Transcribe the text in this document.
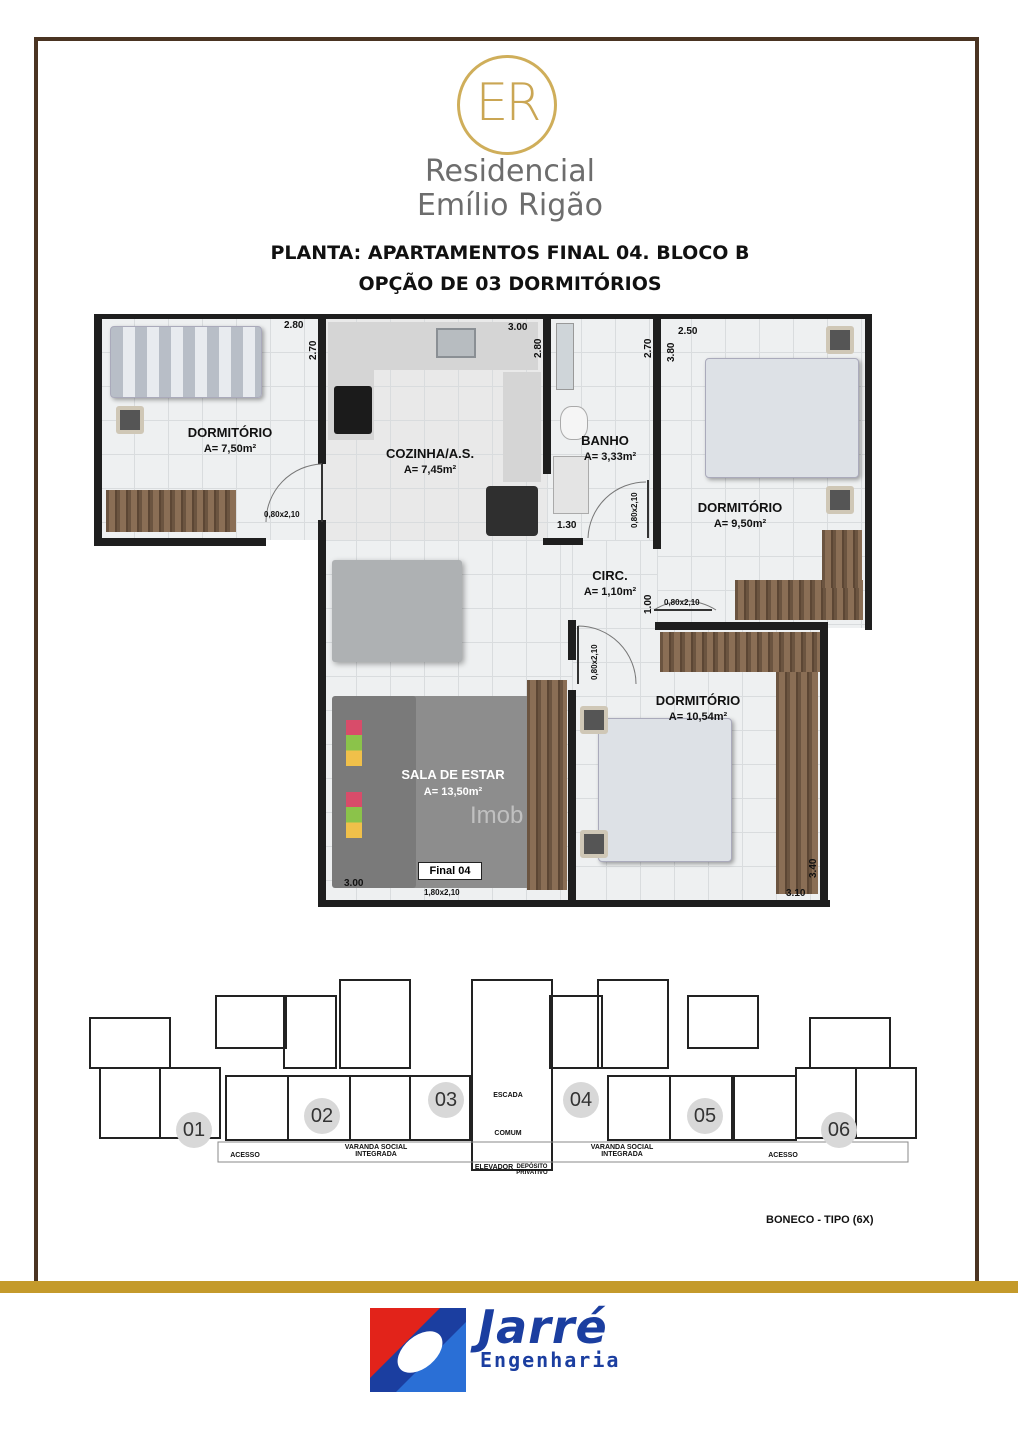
ER
Residencial
Emílio Rigão
PLANTA: APARTAMENTOS FINAL 04. BLOCO B
OPÇÃO DE 03 DORMITÓRIOS
DORMITÓRIO
A= 7,50m²	COZINHA/A.S.
A= 7,45m²
BANHO
A= 3,33m²
DORMITÓRIO
A= 9,50m²
CIRC.
A= 1,10m²
DORMITÓRIO
A= 10,54m²
SALA DE ESTAR
A= 13,50m²
2.80
2.70
3.00
2.80	2.70
2.50
3.80
1.30
0,80x2,10	0,80x2,10
0,80x2,10
0,80x2,10
1.00
3.00
1,80x2,10	3.10
3.40
Final 04
Imob
01
02
03	04
05
06
ESCADA
COMUM
ELEVADOR DEPÓSITO PRIVATIVO
VARANDA SOCIAL INTEGRADA
VARANDA SOCIAL INTEGRADA
ACESSO	ACESSO
BONECO - TIPO (6X)
Jarré
Engenharia
